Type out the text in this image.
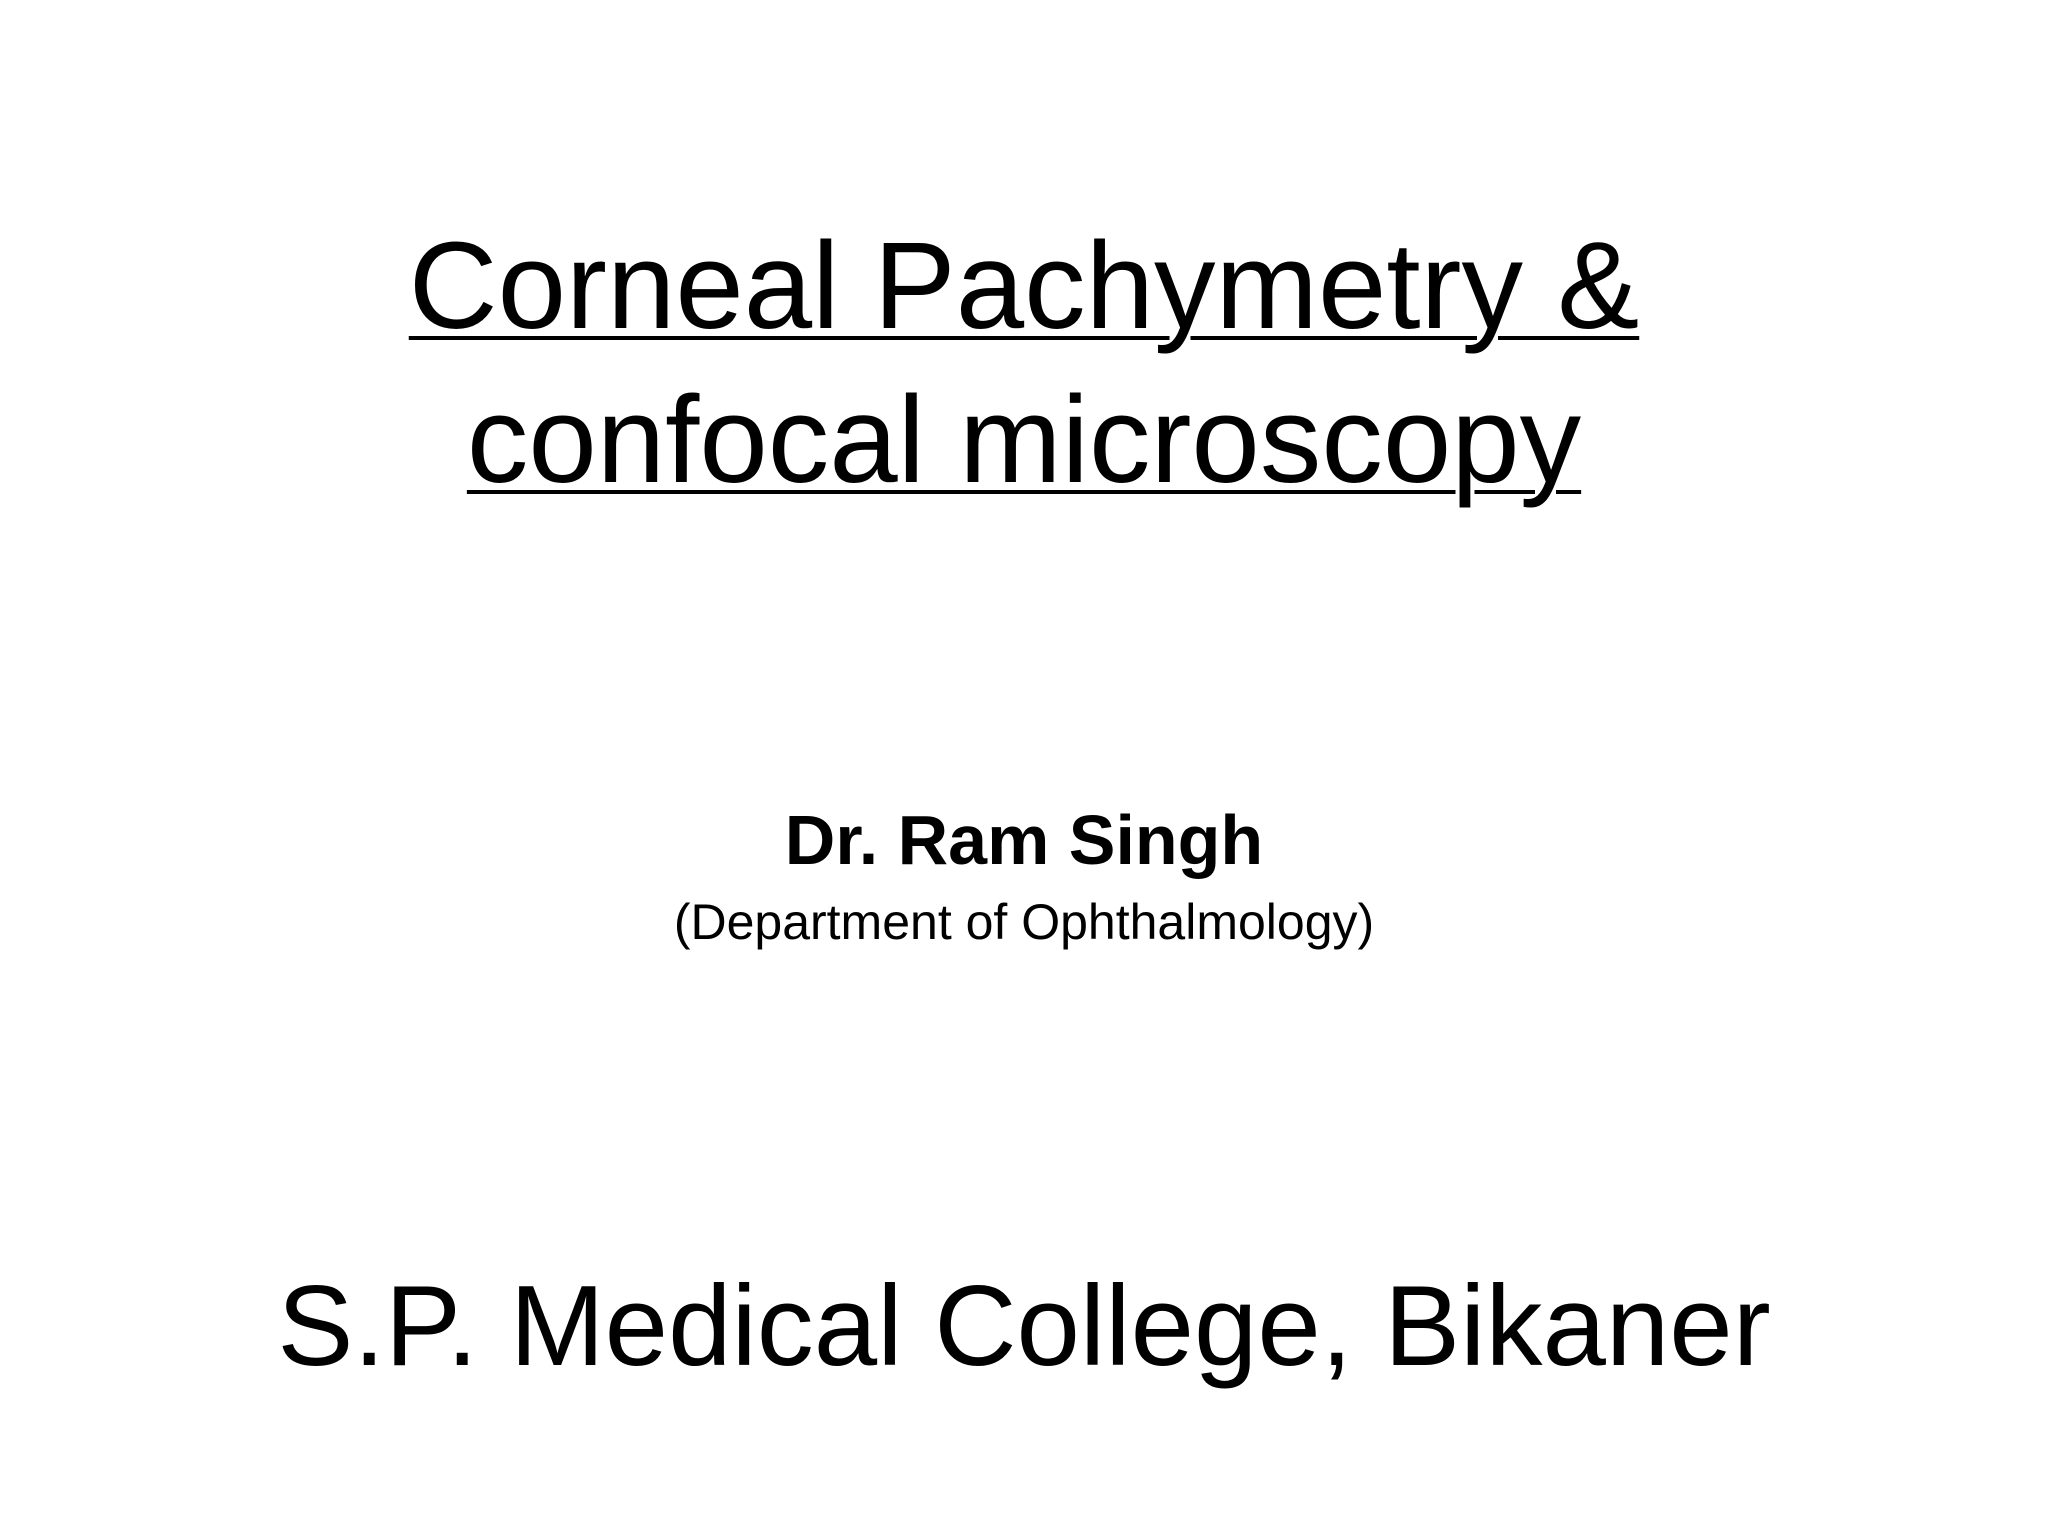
Corneal Pachymetry &
confocal microscopy
Dr. Ram Singh
(Department of Ophthalmology)
S.P. Medical College, Bikaner
